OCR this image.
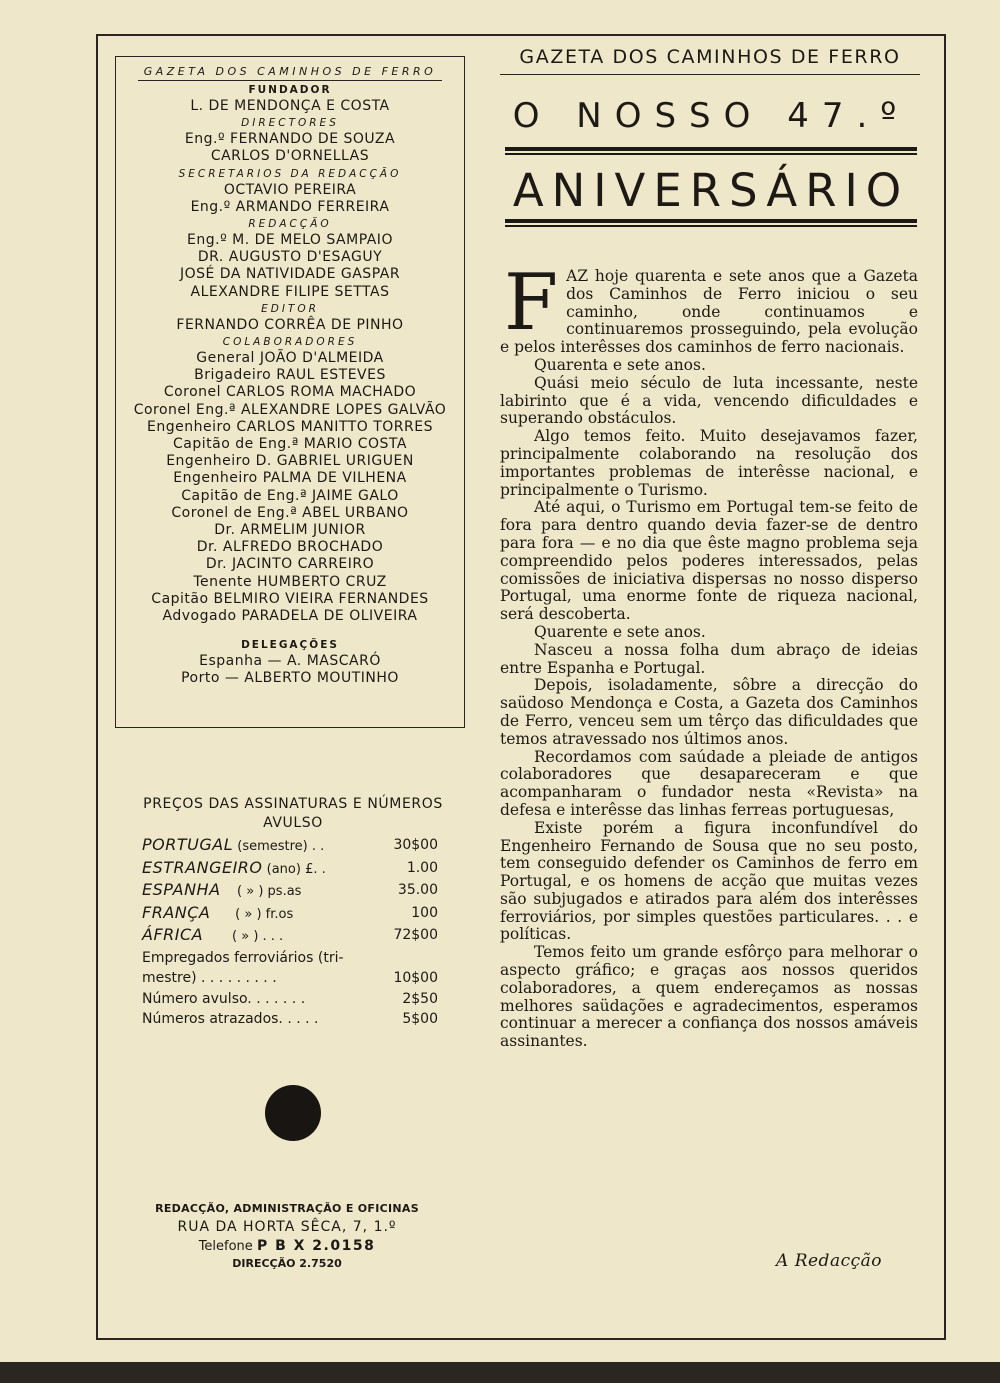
GAZETA DOS CAMINHOS DE FERRO
FUNDADOR
L. DE MENDONÇA E COSTA
DIRECTORES
Eng.º FERNANDO DE SOUZA
CARLOS D'ORNELLAS
SECRETARIOS DA REDACÇÃO
OCTAVIO PEREIRA
Eng.º ARMANDO FERREIRA
REDACÇÃO
Eng.º M. DE MELO SAMPAIO
DR. AUGUSTO D'ESAGUY
JOSÉ DA NATIVIDADE GASPAR
ALEXANDRE FILIPE SETTAS
EDITOR
FERNANDO CORRÊA DE PINHO
COLABORADORES
General JOÃO D'ALMEIDA
Brigadeiro RAUL ESTEVES
Coronel CARLOS ROMA MACHADO
Coronel Eng.ª ALEXANDRE LOPES GALVÃO
Engenheiro CARLOS MANITTO TORRES
Capitão de Eng.ª MARIO COSTA
Engenheiro D. GABRIEL URIGUEN
Engenheiro PALMA DE VILHENA
Capitão de Eng.ª JAIME GALO
Coronel de Eng.ª ABEL URBANO
Dr. ARMELIM JUNIOR
Dr. ALFREDO BROCHADO
Dr. JACINTO CARREIRO
Tenente HUMBERTO CRUZ
Capitão BELMIRO VIEIRA FERNANDES
Advogado PARADELA DE OLIVEIRA
DELEGAÇÕES
Espanha — A. MASCARÓ
Porto — ALBERTO MOUTINHO
PREÇOS DAS ASSINATURAS E NÚMEROS
AVULSO
PORTUGAL (semestre) . .	30$00
ESTRANGEIRO (ano) £. .	1.00
ESPANHA    ( » ) ps.as	35.00
FRANÇA      ( » ) fr.os	100
ÁFRICA       ( » ) . . .	72$00
Empregados ferroviários (tri-
mestre) . . . . . . . . .	10$00
Número avulso. . . . . . .	2$50
Números atrazados. . . . .	5$00
REDACÇÃO, ADMINISTRAÇÃO E OFICINAS
RUA DA HORTA SÊCA, 7, 1.º
Telefone P B X 2.0158
DIRECÇÃO 2.7520
GAZETA DOS CAMINHOS DE FERRO
O NOSSO 47.º
ANIVERSÁRIO

FAZ hoje quarenta e sete anos que a Gazeta dos Caminhos de Ferro iniciou o seu caminho, onde continuamos e continuaremos prosseguindo, pela evolução e pelos interêsses dos caminhos de ferro nacionais.

Quarenta e sete anos.

Quási meio século de luta incessante, neste labirinto que é a vida, vencendo dificuldades e superando obstáculos.

Algo temos feito. Muito desejavamos fazer, principalmente colaborando na resolução dos importantes problemas de interêsse nacional, e principalmente o Turismo.

Até aqui, o Turismo em Portugal tem-se feito de fora para dentro quando devia fazer-se de dentro para fora — e no dia que êste magno problema seja compreendido pelos poderes interessados, pelas comissões de iniciativa dispersas no nosso disperso Portugal, uma enorme fonte de riqueza nacional, será descoberta.

Quarente e sete anos.

Nasceu a nossa folha dum abraço de ideias entre Espanha e Portugal.

Depois, isoladamente, sôbre a direcção do saüdoso Mendonça e Costa, a Gazeta dos Caminhos de Ferro, venceu sem um têrço das dificuldades que temos atravessado nos últimos anos.

Recordamos com saúdade a pleiade de antigos colaboradores que desapareceram e que acompanharam o fundador nesta «Revista» na defesa e interêsse das linhas ferreas portuguesas,

Existe porém a figura inconfundível do Engenheiro Fernando de Sousa que no seu posto, tem conseguido defender os Caminhos de ferro em Portugal, e os homens de acção que muitas vezes são subjugados e atirados para além dos interêsses ferroviários, por simples questões particulares. . . e políticas.

Temos feito um grande esfôrço para melhorar o aspecto gráfico; e graças aos nossos queridos colaboradores, a quem endereçamos as nossas melhores saüdações e agradecimentos, esperamos continuar a merecer a confiança dos nossos amáveis assinantes.

A Redacção
